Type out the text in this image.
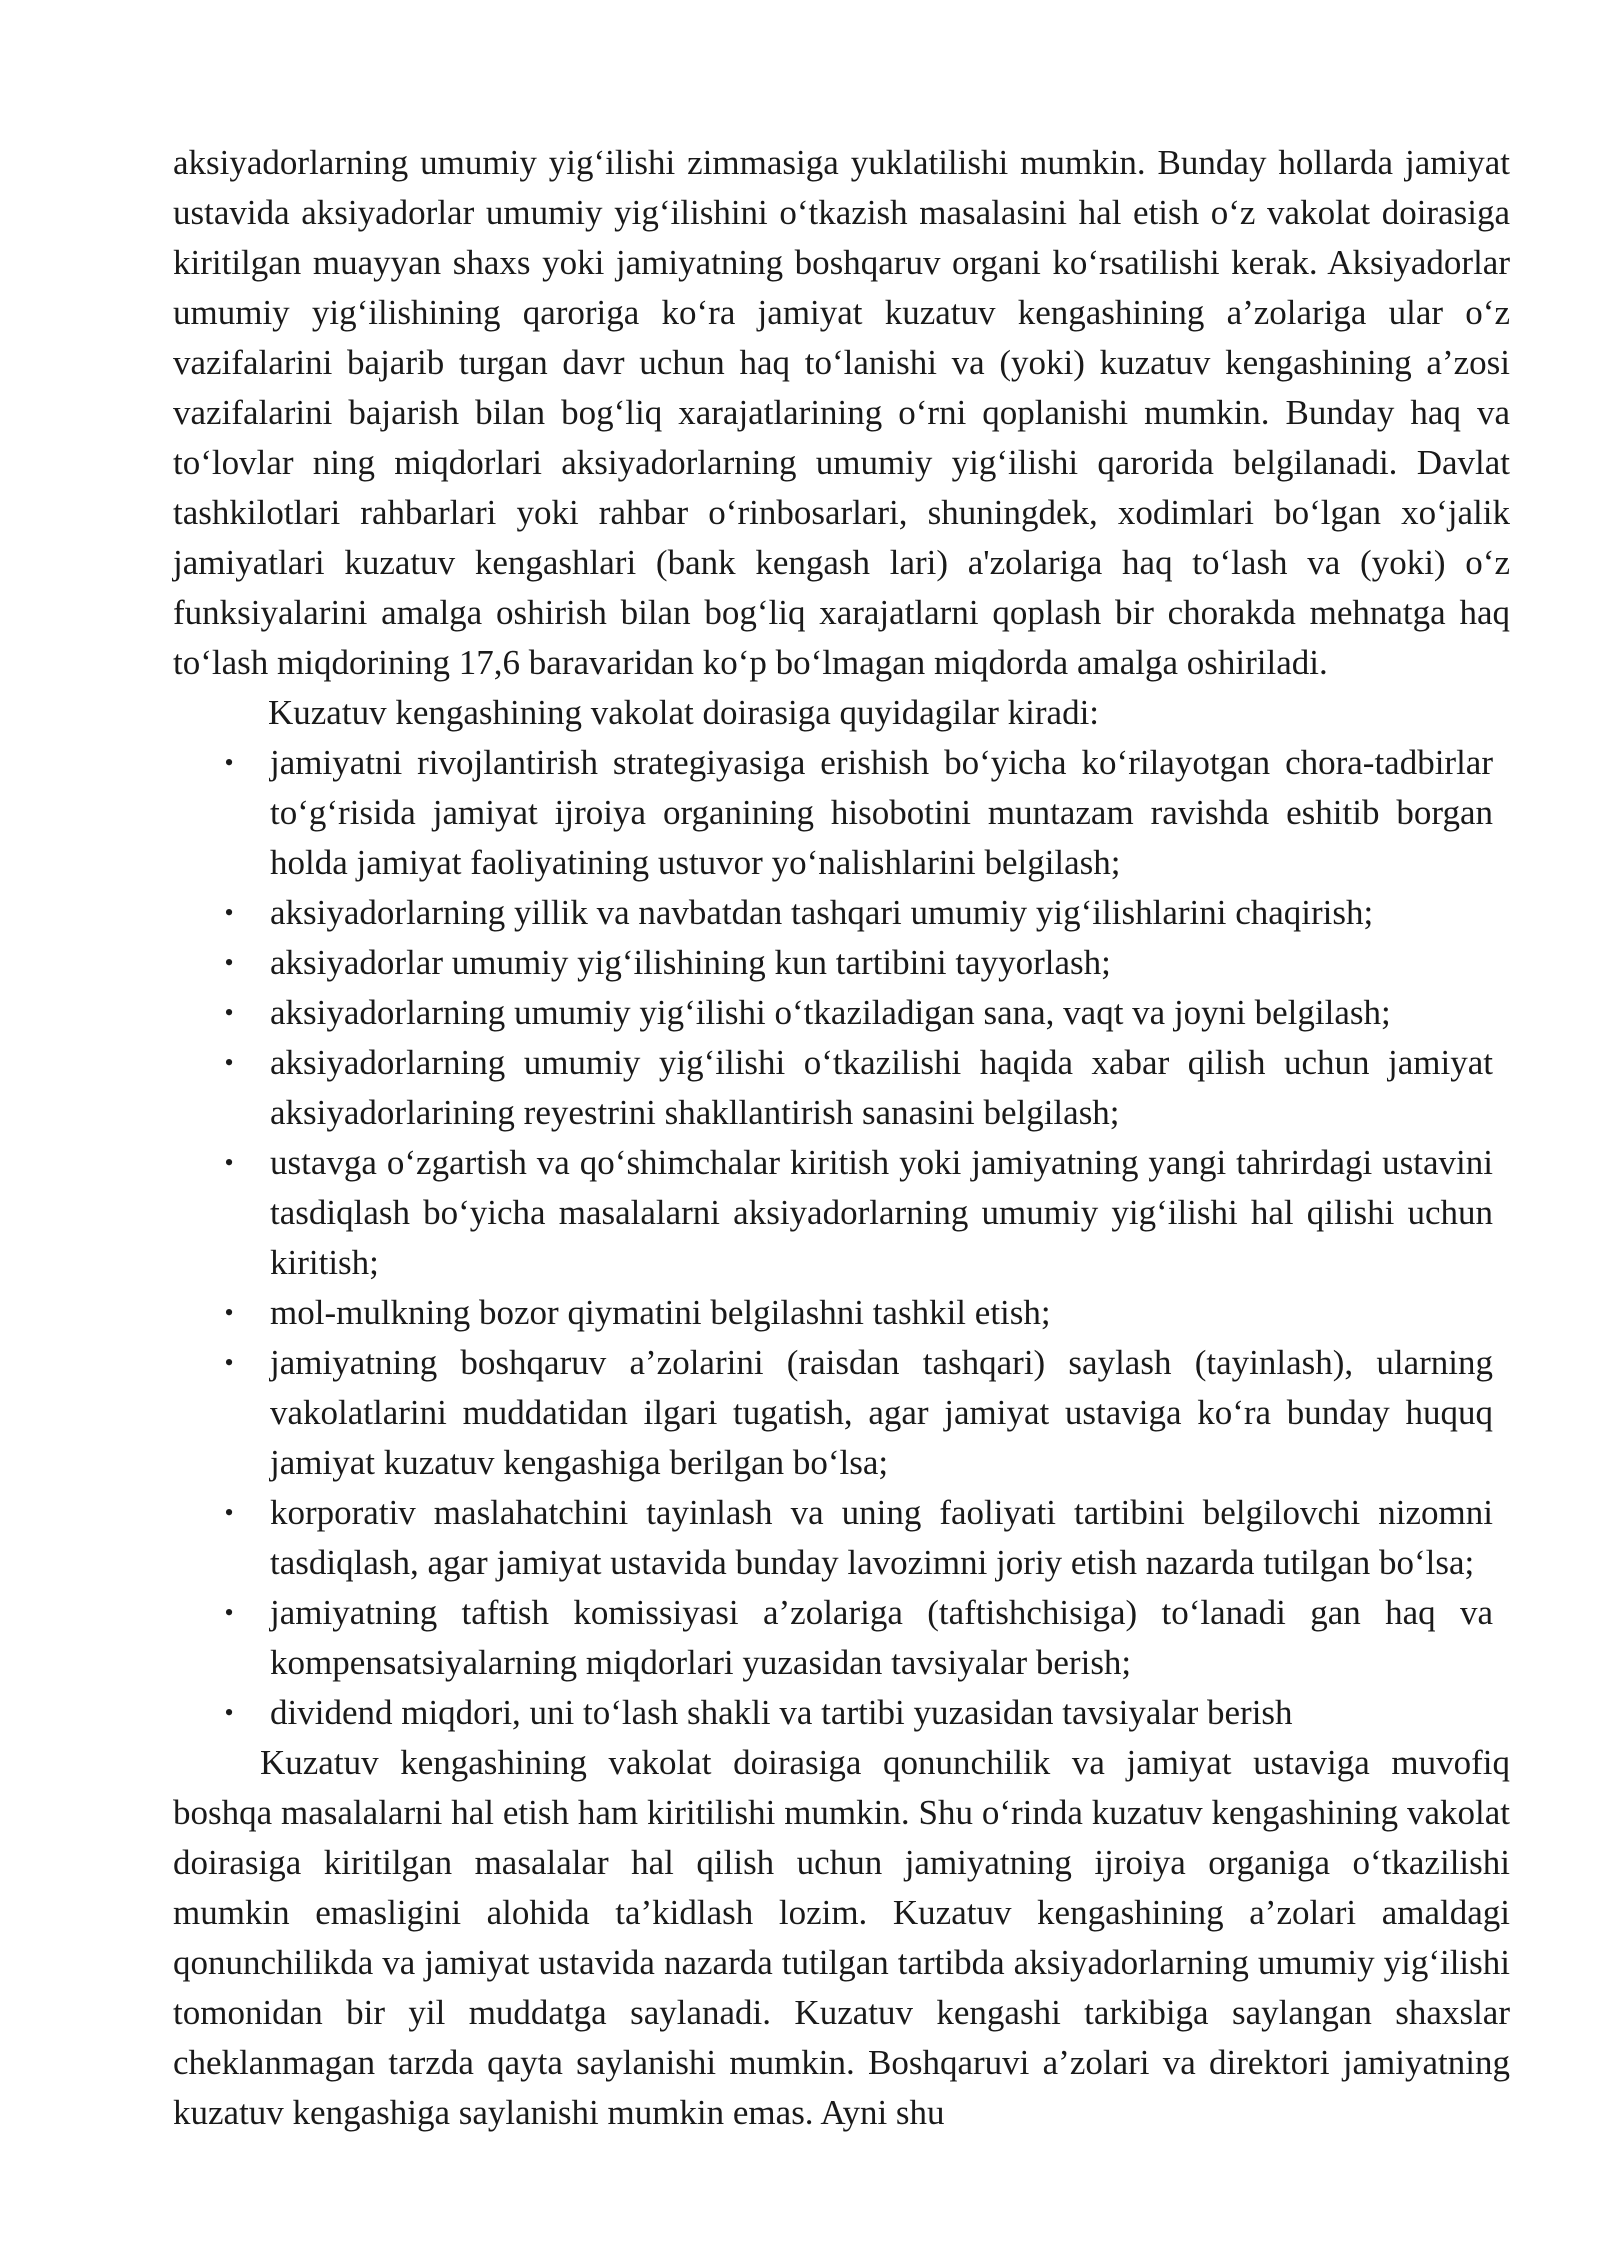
aksiyadorlarning umumiy yig‘ilishi zimmasiga yuklatilishi mumkin. Bunday hollarda jamiyat ustavida aksiyadorlar umumiy yig‘ilishini o‘tkazish masalasini hal etish o‘z vakolat doirasiga kiritilgan muayyan shaxs yoki jamiyatning boshqaruv organi ko‘rsatilishi kerak. Aksiyadorlar umumiy yig‘ilishining qaroriga ko‘ra jamiyat kuzatuv kengashining a’zolariga ular o‘z vazifalarini bajarib turgan davr uchun haq to‘lanishi va (yoki) kuzatuv kengashining a’zosi vazifalarini bajarish bilan bog‘liq xarajatlarining o‘rni qoplanishi mumkin. Bunday haq va to‘lovlar ning miqdorlari aksiyadorlarning umumiy yig‘ilishi qarorida belgilanadi. Davlat tashkilotlari rahbarlari yoki rahbar o‘rinbosarlari, shuningdek, xodimlari bo‘lgan xo‘jalik jamiyatlari kuzatuv kengashlari (bank kengash lari) a'zolariga haq to‘lash va (yoki) o‘z funksiyalarini amalga oshirish bilan bog‘liq xarajatlarni qoplash bir chorakda mehnatga haq to‘lash miqdorining 17,6 baravaridan ko‘p bo‘lmagan miqdorda amalga oshiriladi.

Kuzatuv kengashining vakolat doirasiga quyidagilar kiradi:

• jamiyatni rivojlantirish strategiyasiga erishish bo‘yicha ko‘rilayotgan chora-tadbirlar to‘g‘risida jamiyat ijroiya organining hisobotini muntazam ravishda eshitib borgan holda jamiyat faoliyatining ustuvor yo‘nalishlarini belgilash;
• aksiyadorlarning yillik va navbatdan tashqari umumiy yig‘ilishlarini chaqirish;
• aksiyadorlar umumiy yig‘ilishining kun tartibini tayyorlash;
• aksiyadorlarning umumiy yig‘ilishi o‘tkaziladigan sana, vaqt va joyni belgilash;
• aksiyadorlarning umumiy yig‘ilishi o‘tkazilishi haqida xabar qilish uchun jamiyat aksiyadorlarining reyestrini shakllantirish sanasini belgilash;
• ustavga o‘zgartish va qo‘shimchalar kiritish yoki jamiyatning yangi tahrirdagi ustavini tasdiqlash bo‘yicha masalalarni aksiyadorlarning umumiy yig‘ilishi hal qilishi uchun kiritish;
• mol-mulkning bozor qiymatini belgilashni tashkil etish;
• jamiyatning boshqaruv a’zolarini (raisdan tashqari) saylash (tayinlash), ularning vakolatlarini muddatidan ilgari tugatish, agar jamiyat ustaviga ko‘ra bunday huquq jamiyat kuzatuv kengashiga berilgan bo‘lsa;
• korporativ maslahatchini tayinlash va uning faoliyati tartibini belgilovchi nizomni tasdiqlash, agar jamiyat ustavida bunday lavozimni joriy etish nazarda tutilgan bo‘lsa;
• jamiyatning taftish komissiyasi a’zolariga (taftishchisiga) to‘lanadi gan haq va kompensatsiyalarning miqdorlari yuzasidan tavsiyalar berish;
• dividend miqdori, uni to‘lash shakli va tartibi yuzasidan tavsiyalar berish

Kuzatuv kengashining vakolat doirasiga qonunchilik va jamiyat ustaviga muvofiq boshqa masalalarni hal etish ham kiritilishi mumkin. Shu o‘rinda kuzatuv kengashining vakolat doirasiga kiritilgan masalalar hal qilish uchun jamiyatning ijroiya organiga o‘tkazilishi mumkin emasligini alohida ta’kidlash lozim. Kuzatuv kengashining a’zolari amaldagi qonunchilikda va jamiyat ustavida nazarda tutilgan tartibda aksiyadorlarning umumiy yig‘ilishi tomonidan bir yil muddatga saylanadi. Kuzatuv kengashi tarkibiga saylangan shaxslar cheklanmagan tarzda qayta saylanishi mumkin. Boshqaruvi a’zolari va direktori jamiyatning kuzatuv kengashiga saylanishi mumkin emas. Ayni shu
